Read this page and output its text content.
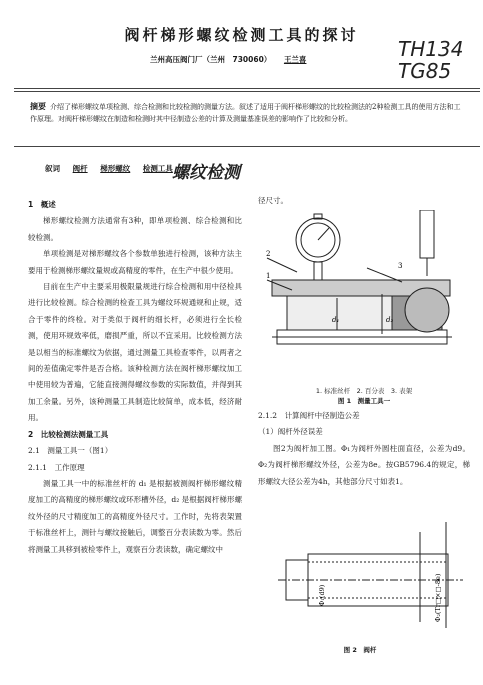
阀杆梯形螺纹检测工具的探讨
兰州高压阀门厂（兰州　730060） 王兰喜	TH134
TG85
摘要 介绍了梯形螺纹单项检测、综合检测和比较检测的测量方法。叙述了适用于阀杆梯形螺纹的比较检测法的2种检测工具的使用方法和工作原理。对阀杆梯形螺纹在制造和检测时其中径制造公差的计算及测量基准误差的影响作了比较和分析。
叙词 阀杆 梯形螺纹 检测工具 螺纹检测

1　概述

梯形螺纹检测方法通常有3种，即单项检测、综合检测和比较检测。

单项检测是对梯形螺纹各个参数单独进行检测，该种方法主要用于检测梯形螺纹量规或高精度的零件，在生产中很少使用。

目前在生产中主要采用极限量规进行综合检测和用中径检具进行比较检测。综合检测的检查工具为螺纹环规通规和止规，适合于零件的终检。对于类似于阀杆的细长杆，必须进行全长检测，使用环规效率低，磨损严重，所以不宜采用。比较检测方法是以相当的标准螺纹为依据，通过测量工具检查零件，以两者之间的差值确定零件是否合格。该种检测方法在阀杆梯形螺纹加工中使用较为普遍，它能直接测得螺纹参数的实际数值，并得到其加工余量。另外，该种测量工具制造比较简单，成本低，经济耐用。

2　比较检测法测量工具

2.1　测量工具一（图1）

2.1.1　工作原理

测量工具一中的标准丝杆的 d₁ 是根据被测阀杆梯形螺纹精度加工的高精度的梯形螺纹或环形槽外径，d₂ 是根据阀杆梯形螺纹外径的尺寸精度加工的高精度外径尺寸。工作时，先将表架置于标准丝杆上，测针与螺纹接触后，调整百分表读数为零。然后将测量工具移到被检零件上，观察百分表读数，确定螺纹中

径尺寸。

2
1
3
d₁	d₂
1. 标准丝杆　2. 百分表　3. 表架
图 1　测量工具一

2.1.2　计算阀杆中径制造公差

（1）阀杆外径误差

图2为阀杆加工图。Φ₁为阀杆外圆柱面直径，公差为d9。Φ₂为阀杆梯形螺纹外径，公差为8e。按GB5796.4的规定，梯形螺纹大径公差为4h，其他部分尺寸如表1。

Φ₁(d9)	Φ₂(Tr□×□-8e)
图 2　阀杆
